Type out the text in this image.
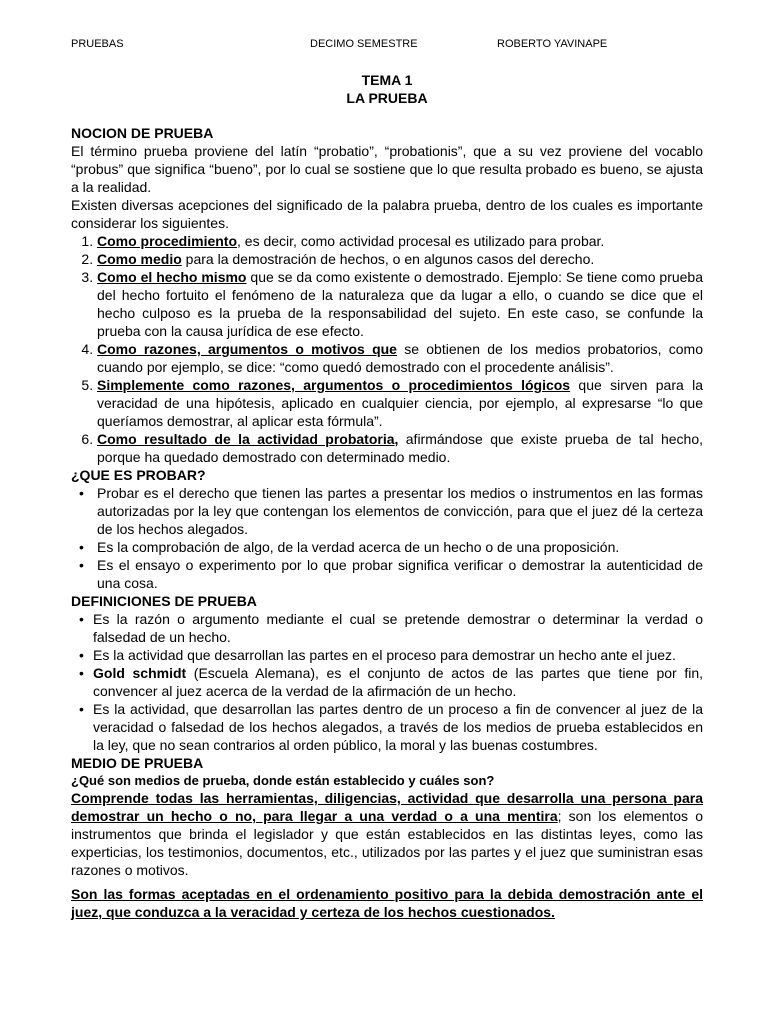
PRUEBAS	DECIMO SEMESTRE	ROBERTO YAVINAPE
TEMA 1
LA PRUEBA

NOCION DE PRUEBA

El término prueba proviene del latín “probatio”, “probationis”, que a su vez proviene del vocablo “probus” que significa “bueno”, por lo cual se sostiene que lo que resulta probado es bueno, se ajusta a la realidad.

Existen diversas acepciones del significado de la palabra prueba, dentro de los cuales es importante considerar los siguientes.

1. Como procedimiento, es decir, como actividad procesal es utilizado para probar.
2. Como medio para la demostración de hechos, o en algunos casos del derecho.
3. Como el hecho mismo que se da como existente o demostrado. Ejemplo: Se tiene como prueba del hecho fortuito el fenómeno de la naturaleza que da lugar a ello, o cuando se dice que el hecho culposo es la prueba de la responsabilidad del sujeto. En este caso, se confunde la prueba con la causa jurídica de ese efecto.
4. Como razones, argumentos o motivos que se obtienen de los medios probatorios, como cuando por ejemplo, se dice: “como quedó demostrado con el procedente análisis”.
5. Simplemente como razones, argumentos o procedimientos lógicos que sirven para la veracidad de una hipótesis, aplicado en cualquier ciencia, por ejemplo, al expresarse “lo que queríamos demostrar, al aplicar esta fórmula”.
6. Como resultado de la actividad probatoria, afirmándose que existe prueba de tal hecho, porque ha quedado demostrado con determinado medio.

¿QUE ES PROBAR?

• Probar es el derecho que tienen las partes a presentar los medios o instrumentos en las formas autorizadas por la ley que contengan los elementos de convicción, para que el juez dé la certeza de los hechos alegados.
• Es la comprobación de algo, de la verdad acerca de un hecho o de una proposición.
• Es el ensayo o experimento por lo que probar significa verificar o demostrar la autenticidad de una cosa.

DEFINICIONES DE PRUEBA

• Es la razón o argumento mediante el cual se pretende demostrar o determinar la verdad o falsedad de un hecho.
• Es la actividad que desarrollan las partes en el proceso para demostrar un hecho ante el juez.
• Gold schmidt (Escuela Alemana), es el conjunto de actos de las partes que tiene por fin, convencer al juez acerca de la verdad de la afirmación de un hecho.
• Es la actividad, que desarrollan las partes dentro de un proceso a fin de convencer al juez de la veracidad o falsedad de los hechos alegados, a través de los medios de prueba establecidos en la ley, que no sean contrarios al orden público, la moral y las buenas costumbres.

MEDIO DE PRUEBA

¿Qué son medios de prueba, donde están establecido y cuáles son?

Comprende todas las herramientas, diligencias, actividad que desarrolla una persona para demostrar un hecho o no, para llegar a una verdad o a una mentira; son los elementos o instrumentos que brinda el legislador y que están establecidos en las distintas leyes, como las experticias, los testimonios, documentos, etc., utilizados por las partes y el juez que suministran esas razones o motivos.

Son las formas aceptadas en el ordenamiento positivo para la debida demostración ante el juez, que conduzca a la veracidad y certeza de los hechos cuestionados.
